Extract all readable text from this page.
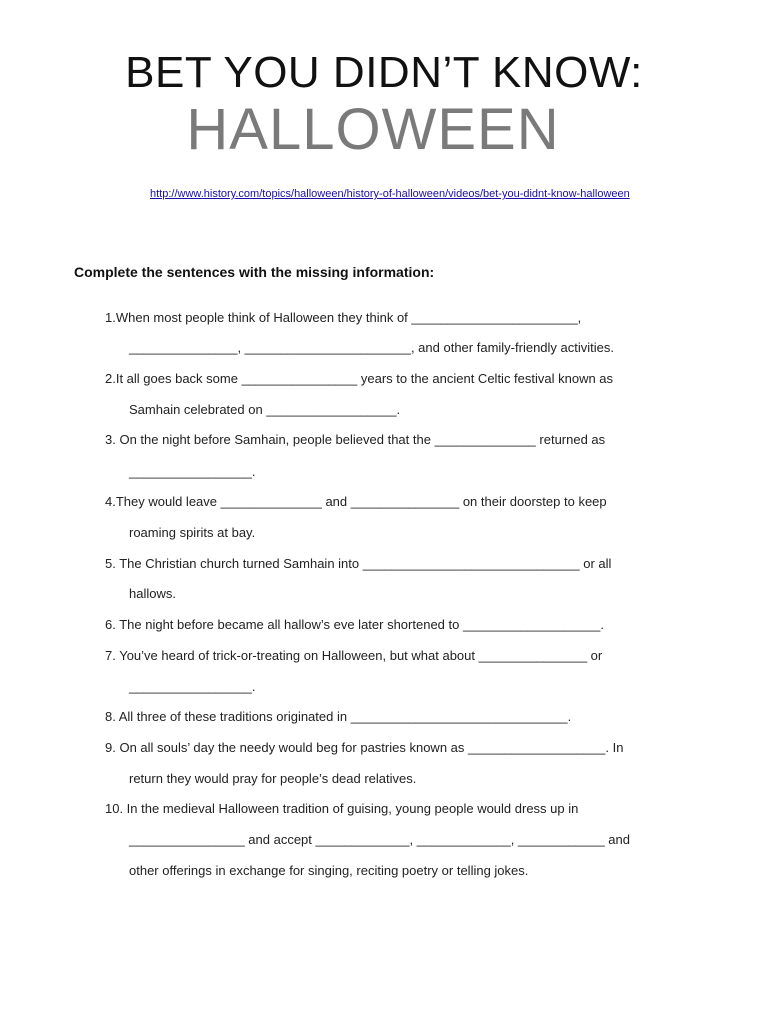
BET YOU DIDN’T KNOW:
HALLOWEEN
http://www.history.com/topics/halloween/history-of-halloween/videos/bet-you-didnt-know-halloween
Complete the sentences with the missing information:
1.When most people think of Halloween they think of _______________________,
_______________, _______________________, and other family-friendly activities.
2.It all goes back some ________________ years to the ancient Celtic festival known as
Samhain celebrated on __________________.
3. On the night before Samhain, people believed that the ______________ returned as
_________________.
4.They would leave ______________ and _______________ on their doorstep to keep
roaming spirits at bay.
5. The Christian church turned Samhain into ______________________________ or all
hallows.
6. The night before became all hallow’s eve later shortened to ___________________.
7. You’ve heard of trick-or-treating on Halloween, but what about _______________ or
_________________.
8. All three of these traditions originated in ______________________________.
9. On all souls’ day the needy would beg for pastries known as ___________________. In
return they would pray for people’s dead relatives.
10. In the medieval Halloween tradition of guising, young people would dress up in
________________ and accept _____________, _____________, ____________ and
other offerings in exchange for singing, reciting poetry or telling jokes.
